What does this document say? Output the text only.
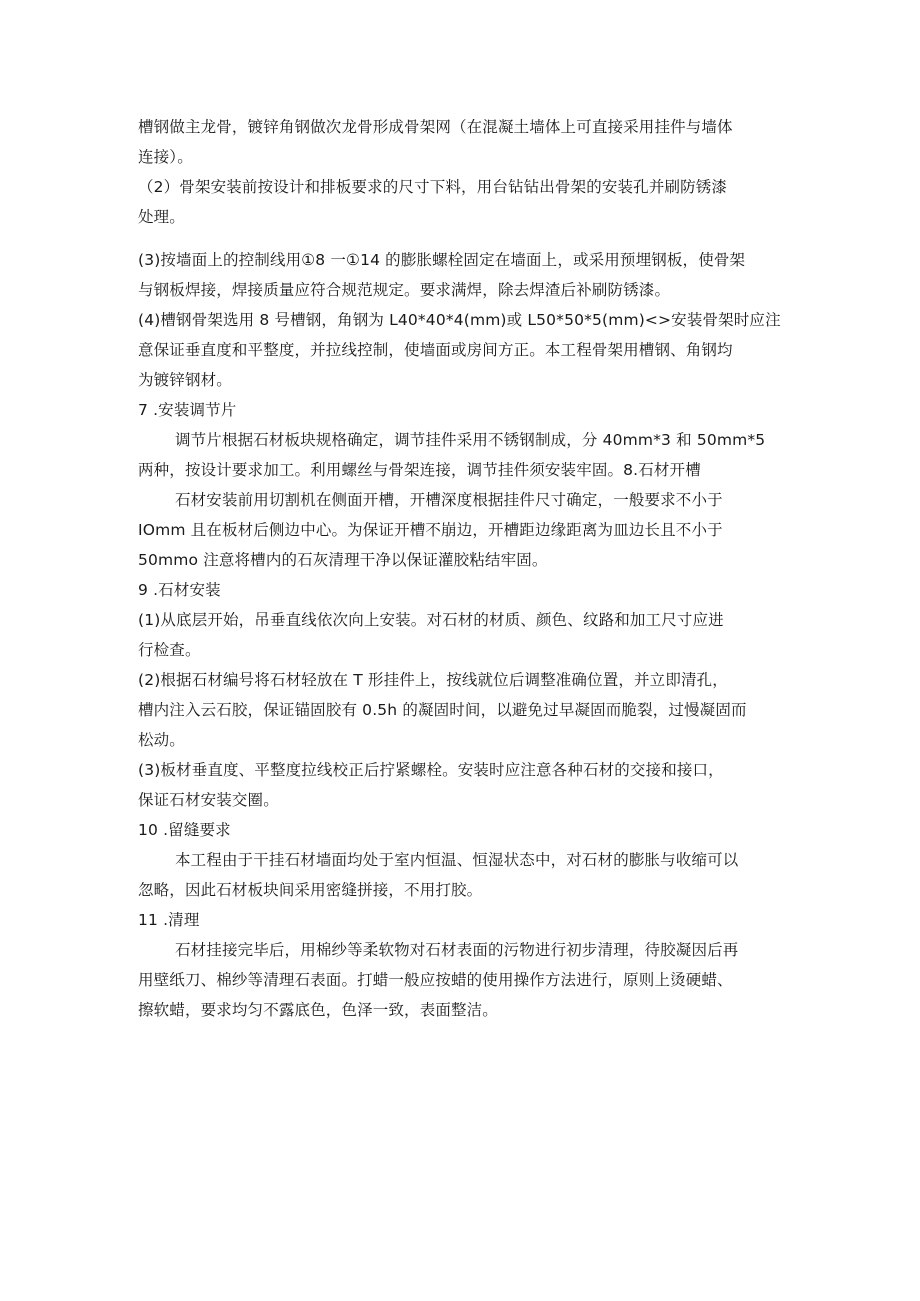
槽钢做主龙骨，镀锌角钢做次龙骨形成骨架网（在混凝土墙体上可直接采用挂件与墙体
连接）。
（2）骨架安装前按设计和排板要求的尺寸下料，用台钻钻出骨架的安装孔并刷防锈漆
处理。
(3)按墙面上的控制线用①8 一①14 的膨胀螺栓固定在墙面上，或采用预埋钢板，使骨架
与钢板焊接，焊接质量应符合规范规定。要求满焊，除去焊渣后补刷防锈漆。
(4)槽钢骨架选用 8 号槽钢，角钢为 L40*40*4(mm)或 L50*50*5(mm)<>安装骨架时应注
意保证垂直度和平整度，并拉线控制，使墙面或房间方正。本工程骨架用槽钢、角钢均
为镀锌钢材。
7 .安装调节片
调节片根据石材板块规格确定，调节挂件采用不锈钢制成，分 40mm*3 和 50mm*5
两种，按设计要求加工。利用螺丝与骨架连接，调节挂件须安装牢固。8.石材开槽
石材安装前用切割机在侧面开槽，开槽深度根据挂件尺寸确定，一般要求不小于
IOmm 且在板材后侧边中心。为保证开槽不崩边，开槽距边缘距离为皿边长且不小于
50mmo 注意将槽内的石灰清理干净以保证灌胶粘结牢固。
9 .石材安装
(1)从底层开始，吊垂直线依次向上安装。对石材的材质、颜色、纹路和加工尺寸应进
行检查。
(2)根据石材编号将石材轻放在 T 形挂件上，按线就位后调整准确位置，并立即清孔，
槽内注入云石胶，保证锚固胶有 0.5h 的凝固时间，以避免过早凝固而脆裂，过慢凝固而
松动。
(3)板材垂直度、平整度拉线校正后拧紧螺栓。安装时应注意各种石材的交接和接口，
保证石材安装交圈。
10 .留缝要求
本工程由于干挂石材墙面均处于室内恒温、恒湿状态中，对石材的膨胀与收缩可以
忽略，因此石材板块间采用密缝拼接，不用打胶。
11 .清理
石材挂接完毕后，用棉纱等柔软物对石材表面的污物进行初步清理，待胶凝因后再
用壁纸刀、棉纱等清理石表面。打蜡一般应按蜡的使用操作方法进行，原则上烫硬蜡、
擦软蜡，要求均匀不露底色，色泽一致，表面整洁。
